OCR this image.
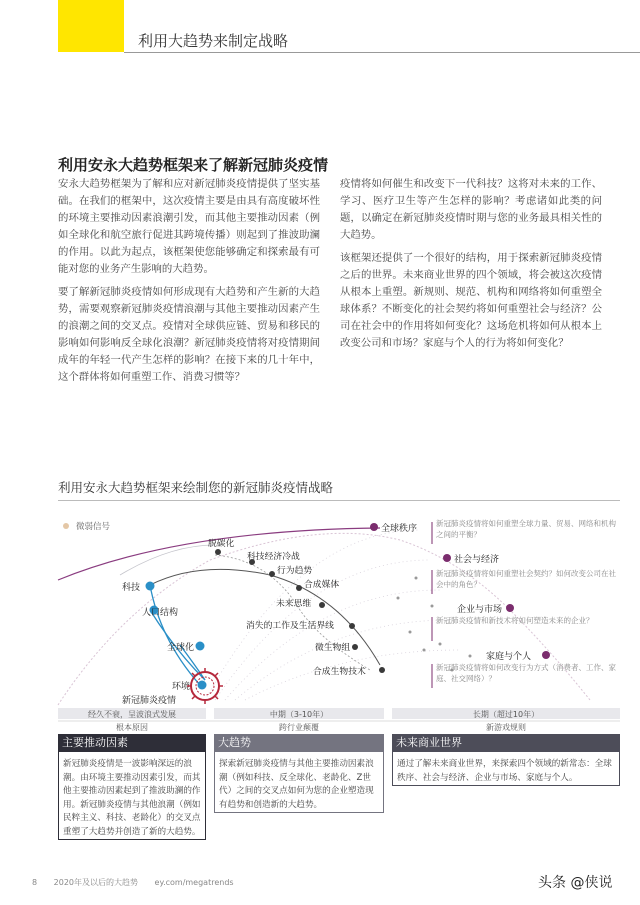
利用大趋势来制定战略
利用安永大趋势框架来了解新冠肺炎疫情

安永大趋势框架为了解和应对新冠肺炎疫情提供了坚实基础。在我们的框架中，这次疫情主要是由具有高度破坏性的环境主要推动因素浪潮引发，而其他主要推动因素（例如全球化和航空旅行促进其跨境传播）则起到了推波助澜的作用。以此为起点，该框架使您能够确定和探索最有可能对您的业务产生影响的大趋势。

要了解新冠肺炎疫情如何形成现有大趋势和产生新的大趋势，需要观察新冠肺炎疫情浪潮与其他主要推动因素产生的浪潮之间的交叉点。疫情对全球供应链、贸易和移民的影响如何影响反全球化浪潮？新冠肺炎疫情将对疫情期间成年的年轻一代产生怎样的影响？在接下来的几十年中，这个群体将如何重塑工作、消费习惯等？

疫情将如何催生和改变下一代科技？这将对未来的工作、学习、医疗卫生等产生怎样的影响？考虑诸如此类的问题，以确定在新冠肺炎疫情时期与您的业务最具相关性的大趋势。

该框架还提供了一个很好的结构，用于探索新冠肺炎疫情之后的世界。未来商业世界的四个领域，将会被这次疫情从根本上重塑。新规则、规范、机构和网络将如何重塑全球体系？不断变化的社会契约将如何重塑社会与经济？公司在社会中的作用将如何变化？这场危机将如何从根本上改变公司和市场？家庭与个人的行为将如何变化？

利用安永大趋势框架来绘制您的新冠肺炎疫情战略
微弱信号
科技
人口结构
全球化
环境
新冠肺炎疫情
脱碳化
科技经济冷战
行为趋势
合成媒体
未来思维
消失的工作及生活界线
微生物组
合成生物技术
全球秩序
社会与经济
企业与市场
家庭与个人
新冠肺炎疫情将如何重塑全球力量、贸易、网络和机构之间的平衡？
新冠肺炎疫情将如何重塑社会契约？如何改变公司在社会中的角色？
新冠肺炎疫情和新技术将如何塑造未来的企业？
新冠肺炎疫情将如何改变行为方式（消费者、工作、家庭、社交网络）？
经久不衰，呈波浪式发展	中期（3-10年）	长期（超过10年）
根本原因	跨行业颠覆	新游戏规则
主要推动因素
新冠肺炎疫情是一波影响深远的浪潮。由环境主要推动因素引发，而其他主要推动因素起到了推波助澜的作用。新冠肺炎疫情与其他浪潮（例如民粹主义、科技、老龄化）的交叉点重塑了大趋势并创造了新的大趋势。
大趋势
探索新冠肺炎疫情与其他主要推动因素浪潮（例如科技、反全球化、老龄化、Z世代）之间的交叉点如何为您的企业塑造现有趋势和创造新的大趋势。
未来商业世界
通过了解未来商业世界，来探索四个领域的新常态：全球秩序、社会与经济、企业与市场、家庭与个人。
8 2020年及以后的大趋势 ey.com/megatrends	头条 @侠说
